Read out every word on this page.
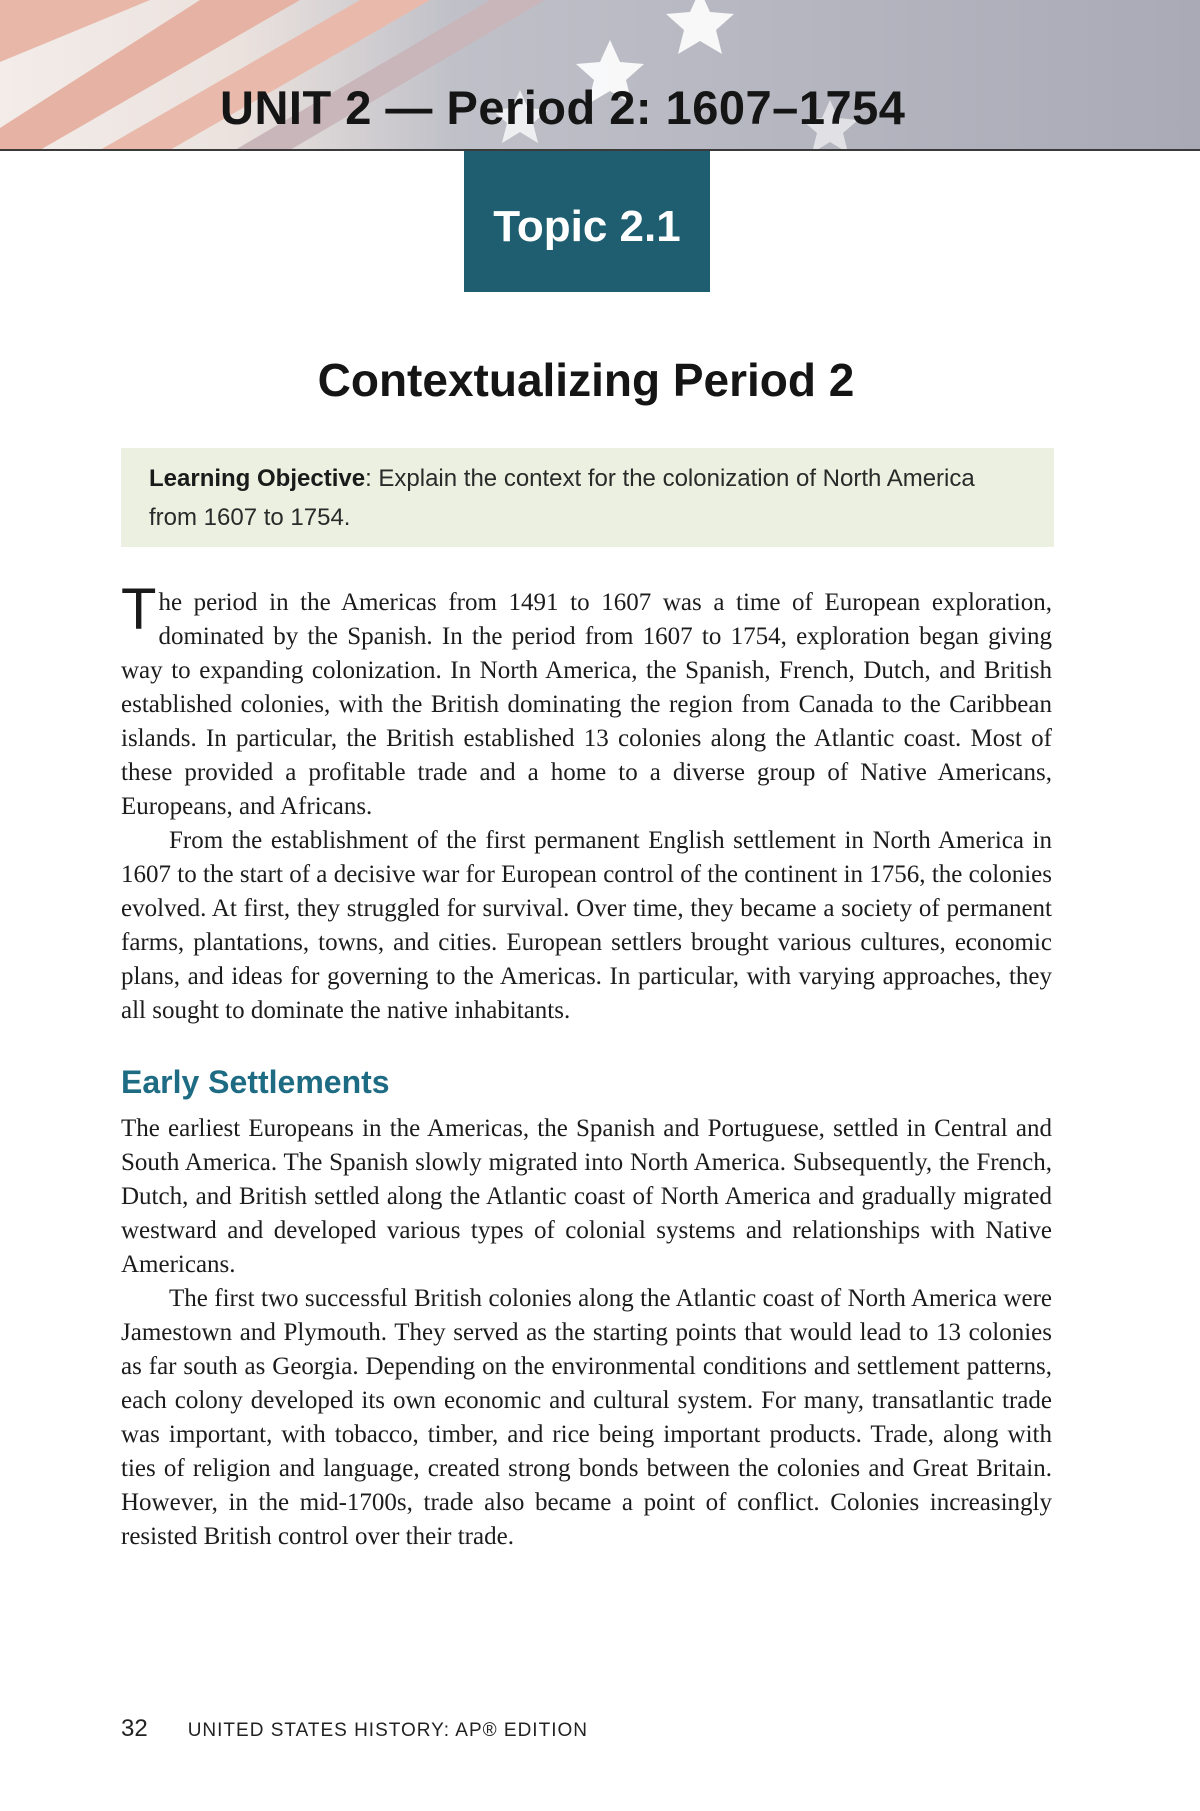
UNIT 2 — Period 2: 1607–1754
Topic 2.1
Contextualizing Period 2
Learning Objective: Explain the context for the colonization of North America from 1607 to 1754.

The period in the Americas from 1491 to 1607 was a time of European exploration, dominated by the Spanish. In the period from 1607 to 1754, exploration began giving way to expanding colonization. In North America, the Spanish, French, Dutch, and British established colonies, with the British dominating the region from Canada to the Caribbean islands. In particular, the British established 13 colonies along the Atlantic coast. Most of these provided a profitable trade and a home to a diverse group of Native Americans, Europeans, and Africans.

From the establishment of the first permanent English settlement in North America in 1607 to the start of a decisive war for European control of the continent in 1756, the colonies evolved. At first, they struggled for survival. Over time, they became a society of permanent farms, plantations, towns, and cities. European settlers brought various cultures, economic plans, and ideas for governing to the Americas. In particular, with varying approaches, they all sought to dominate the native inhabitants.

Early Settlements

The earliest Europeans in the Americas, the Spanish and Portuguese, settled in Central and South America. The Spanish slowly migrated into North America. Subsequently, the French, Dutch, and British settled along the Atlantic coast of North America and gradually migrated westward and developed various types of colonial systems and relationships with Native Americans.

The first two successful British colonies along the Atlantic coast of North America were Jamestown and Plymouth. They served as the starting points that would lead to 13 colonies as far south as Georgia. Depending on the environmental conditions and settlement patterns, each colony developed its own economic and cultural system. For many, transatlantic trade was important, with tobacco, timber, and rice being important products. Trade, along with ties of religion and language, created strong bonds between the colonies and Great Britain. However, in the mid-1700s, trade also became a point of conflict. Colonies increasingly resisted British control over their trade.

32 UNITED STATES HISTORY: AP® EDITION
